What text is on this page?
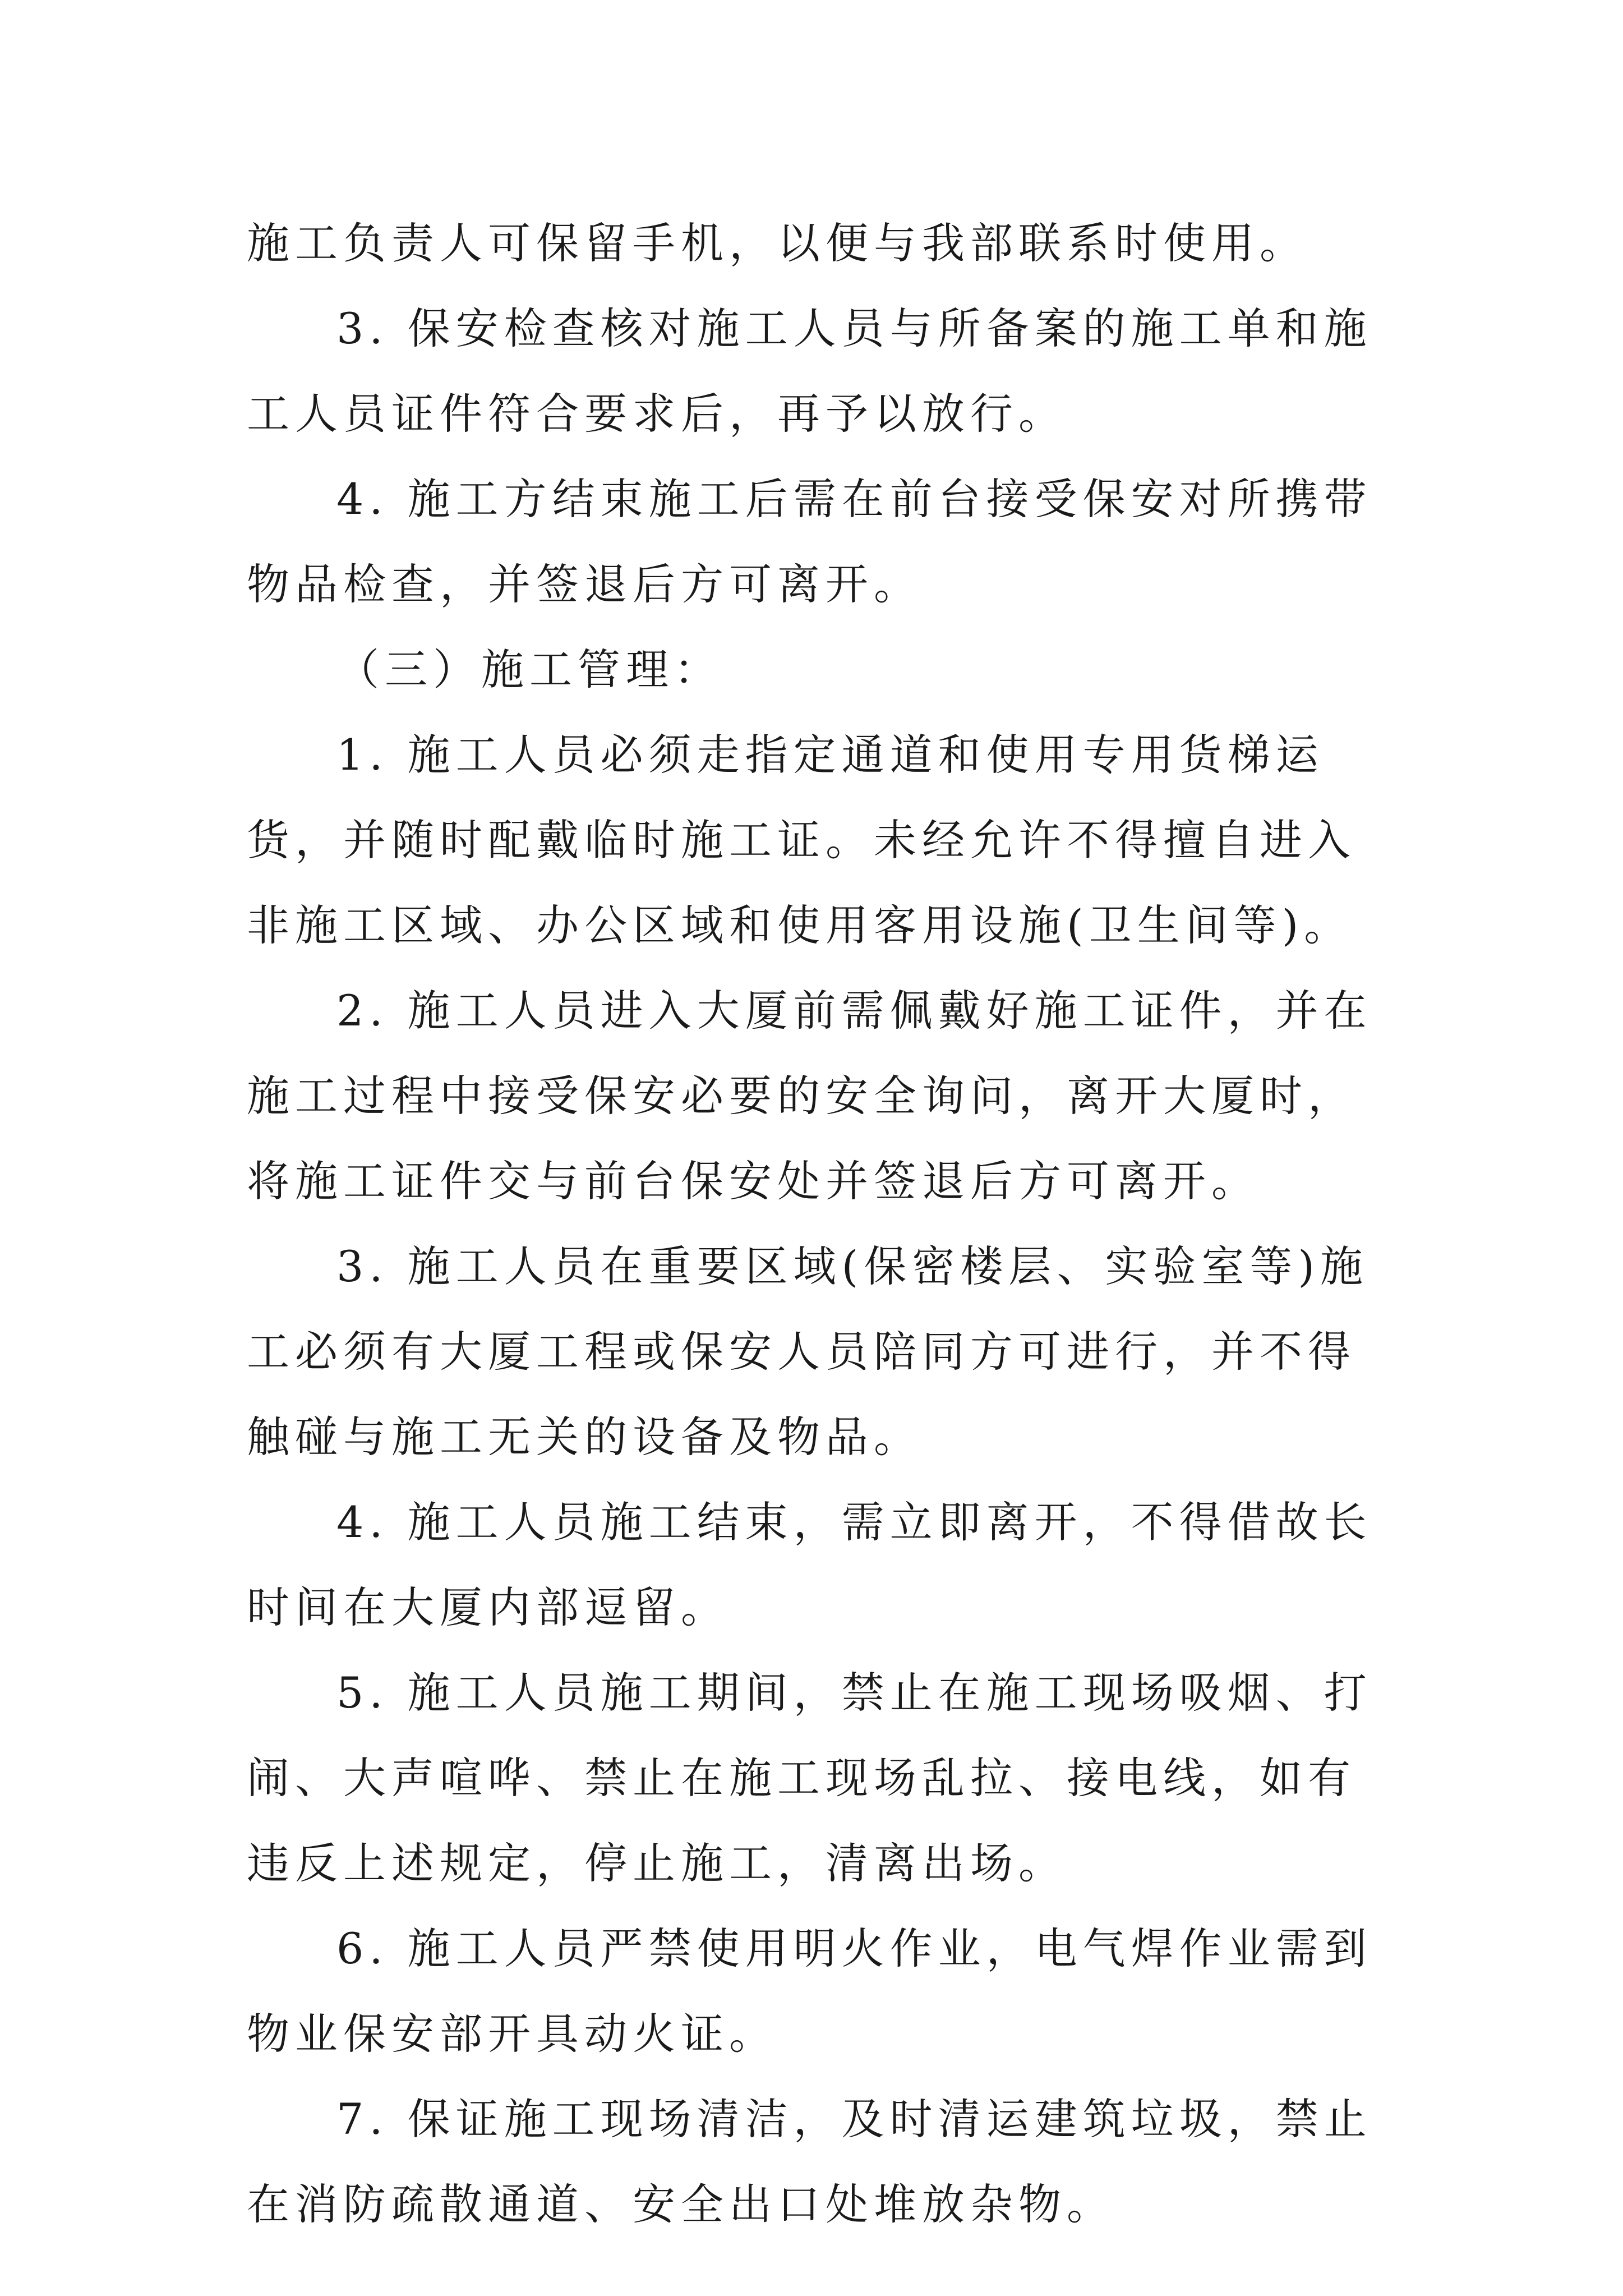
施工负责人可保留手机，以便与我部联系时使用。

3. 保安检查核对施工人员与所备案的施工单和施工人员证件符合要求后，再予以放行。

4. 施工方结束施工后需在前台接受保安对所携带物品检查，并签退后方可离开。

（三）施工管理：

1. 施工人员必须走指定通道和使用专用货梯运货，并随时配戴临时施工证。未经允许不得擅自进入非施工区域、办公区域和使用客用设施(卫生间等)。

2. 施工人员进入大厦前需佩戴好施工证件，并在施工过程中接受保安必要的安全询问，离开大厦时，将施工证件交与前台保安处并签退后方可离开。

3. 施工人员在重要区域(保密楼层、实验室等)施工必须有大厦工程或保安人员陪同方可进行，并不得触碰与施工无关的设备及物品。

4. 施工人员施工结束，需立即离开，不得借故长时间在大厦内部逗留。

5. 施工人员施工期间，禁止在施工现场吸烟、打闹、大声喧哗、禁止在施工现场乱拉、接电线，如有违反上述规定，停止施工，清离出场。

6. 施工人员严禁使用明火作业，电气焊作业需到物业保安部开具动火证。

7. 保证施工现场清洁，及时清运建筑垃圾，禁止在消防疏散通道、安全出口处堆放杂物。
